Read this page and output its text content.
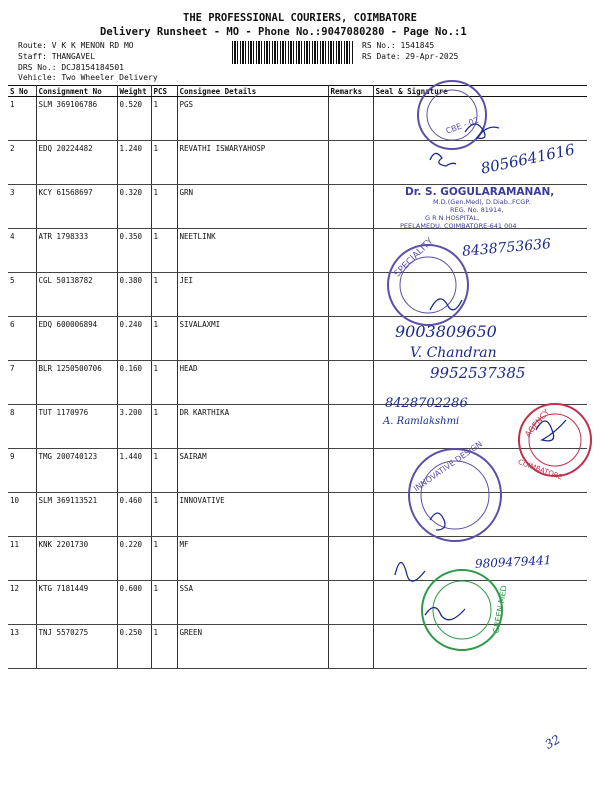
THE PROFESSIONAL COURIERS, COIMBATORE
Delivery Runsheet - MO - Phone No.:9047080280 - Page No.:1
Route: V K K MENON RD MO
Staff: THANGAVEL
DRS No.: DCJ8154184501
Vehicle: Two Wheeler Delivery
RS No.: 1541845
RS Date: 29-Apr-2025
S No	Consignment No	Weight	PCS	Consignee Details	Remarks	Seal & Signature
1	SLM 369106786	0.520	1	PGS		
2	EDQ 20224482	1.240	1	REVATHI ISWARYAHOSP		
3	KCY 61568697	0.320	1	GRN		
4	ATR 1798333	0.350	1	NEETLINK		
5	CGL 50138782	0.380	1	JEI		
6	EDQ 600006894	0.240	1	SIVALAXMI		
7	BLR 1250500706	0.160	1	HEAD		
8	TUT 1170976	3.200	1	DR KARTHIKA		
9	TMG 200740123	1.440	1	SAIRAM		
10	SLM 369113521	0.460	1	INNOVATIVE		
11	KNK 2201730	0.220	1	MF		
12	KTG 7181449	0.600	1	SSA		
13	TNJ 5570275	0.250	1	GREEN		
CBE - 02
SPECIALITY
AGENCY
COIMBATORE
INNOVATIVE DESIGN
GREEN MED
Dr. S. GOGULARAMANAN,
M.D.(Gen.Med), D.Diab.,FCGP.
REG. No. 81914,
G R N HOSPITAL,
PEELAMEDU, COIMBATORE-641 004
8056641616
8438753636
9003809650
V. Chandran
9952537385
8428702286
A. Ramlakshmi
9809479441
32
